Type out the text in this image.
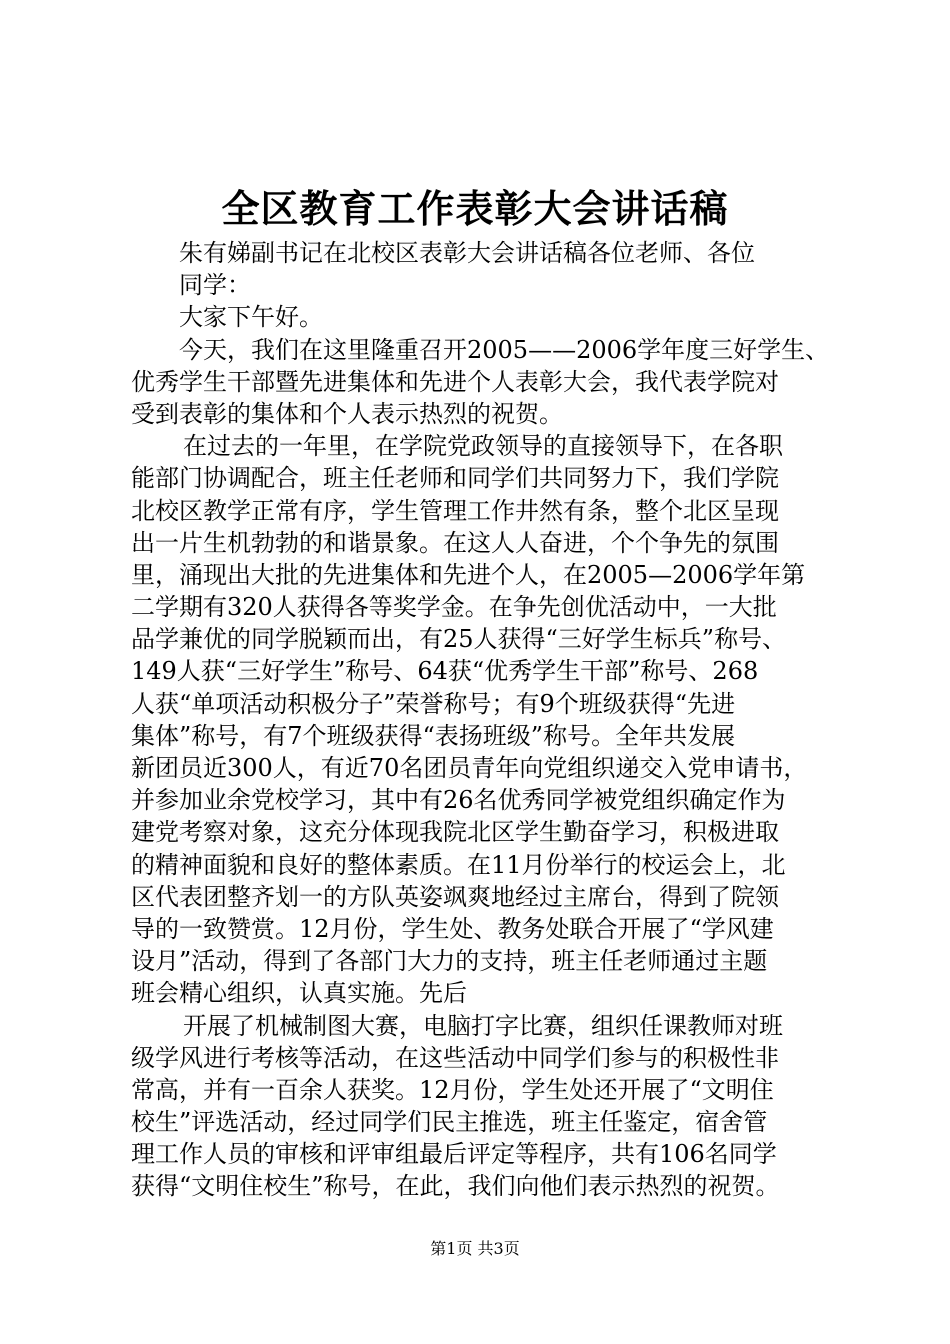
全区教育工作表彰大会讲话稿
朱有娣副书记在北校区表彰大会讲话稿各位老师、各位
同学：
大家下午好。
今天，我们在这里隆重召开2005——2006学年度三好学生、
优秀学生干部暨先进集体和先进个人表彰大会，我代表学院对
受到表彰的集体和个人表示热烈的祝贺。
在过去的一年里，在学院党政领导的直接领导下，在各职
能部门协调配合，班主任老师和同学们共同努力下，我们学院
北校区教学正常有序，学生管理工作井然有条，整个北区呈现
出一片生机勃勃的和谐景象。在这人人奋进，个个争先的氛围
里，涌现出大批的先进集体和先进个人，在2005—2006学年第
二学期有320人获得各等奖学金。在争先创优活动中，一大批
品学兼优的同学脱颖而出，有25人获得“三好学生标兵”称号、
149人获“三好学生”称号、64获“优秀学生干部”称号、268
人获“单项活动积极分子”荣誉称号；有9个班级获得“先进
集体”称号，有7个班级获得“表扬班级”称号。全年共发展
新团员近300人，有近70名团员青年向党组织递交入党申请书，
并参加业余党校学习，其中有26名优秀同学被党组织确定作为
建党考察对象，这充分体现我院北区学生勤奋学习，积极进取
的精神面貌和良好的整体素质。在11月份举行的校运会上，北
区代表团整齐划一的方队英姿飒爽地经过主席台，得到了院领
导的一致赞赏。12月份，学生处、教务处联合开展了“学风建
设月”活动，得到了各部门大力的支持，班主任老师通过主题
班会精心组织，认真实施。先后
开展了机械制图大赛，电脑打字比赛，组织任课教师对班
级学风进行考核等活动，在这些活动中同学们参与的积极性非
常高，并有一百余人获奖。12月份，学生处还开展了“文明住
校生”评选活动，经过同学们民主推选，班主任鉴定，宿舍管
理工作人员的审核和评审组最后评定等程序，共有106名同学
获得“文明住校生”称号，在此，我们向他们表示热烈的祝贺。
第1页 共3页
